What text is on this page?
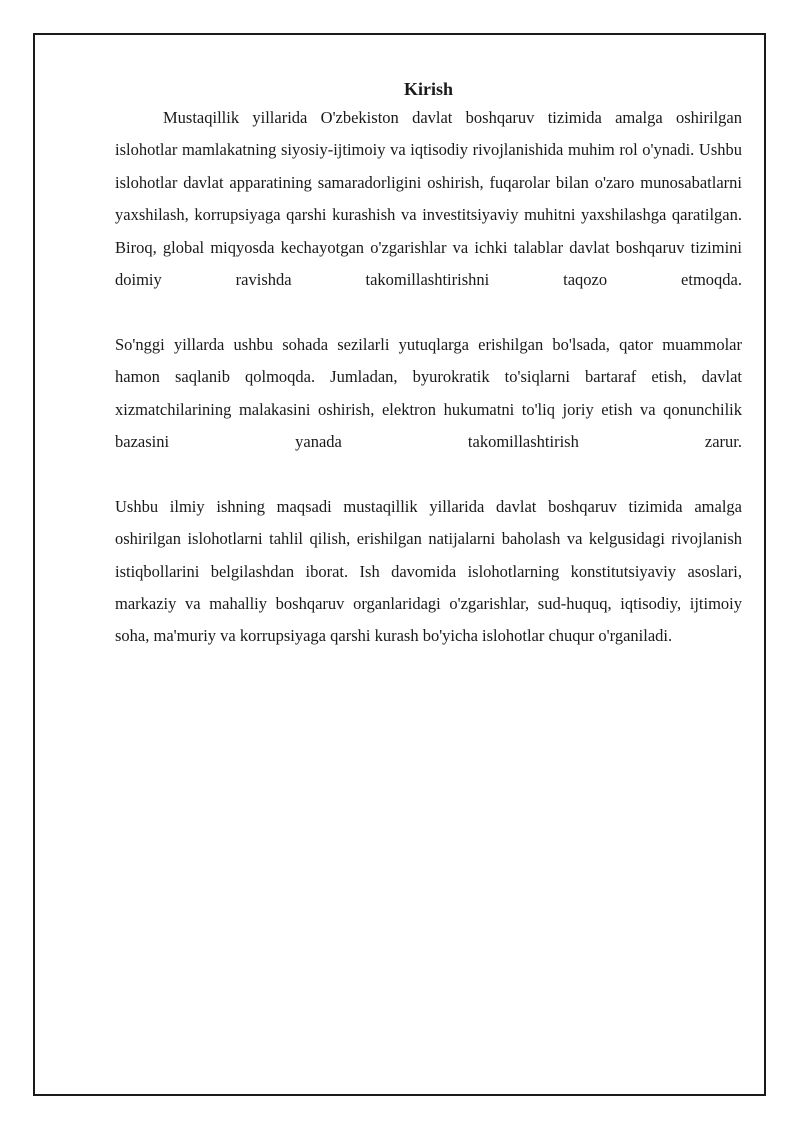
Kirish

Mustaqillik yillarida O'zbekiston davlat boshqaruv tizimida amalga oshirilgan islohotlar mamlakatning siyosiy-ijtimoiy va iqtisodiy rivojlanishida muhim rol o'ynadi. Ushbu islohotlar davlat apparatining samaradorligini oshirish, fuqarolar bilan o'zaro munosabatlarni yaxshilash, korrupsiyaga qarshi kurashish va investitsiyaviy muhitni yaxshilashga qaratilgan. Biroq, global miqyosda kechayotgan o'zgarishlar va ichki talablar davlat boshqaruv tizimini doimiy ravishda takomillashtirishni taqozo etmoqda.

So'nggi yillarda ushbu sohada sezilarli yutuqlarga erishilgan bo'lsada, qator muammolar hamon saqlanib qolmoqda. Jumladan, byurokratik to'siqlarni bartaraf etish, davlat xizmatchilarining malakasini oshirish, elektron hukumatni to'liq joriy etish va qonunchilik bazasini yanada takomillashtirish zarur.

Ushbu ilmiy ishning maqsadi mustaqillik yillarida davlat boshqaruv tizimida amalga oshirilgan islohotlarni tahlil qilish, erishilgan natijalarni baholash va kelgusidagi rivojlanish istiqbollarini belgilashdan iborat. Ish davomida islohotlarning konstitutsiyaviy asoslari, markaziy va mahalliy boshqaruv organlaridagi o'zgarishlar, sud-huquq, iqtisodiy, ijtimoiy soha, ma'muriy va korrupsiyaga qarshi kurash bo'yicha islohotlar chuqur o'rganiladi.
